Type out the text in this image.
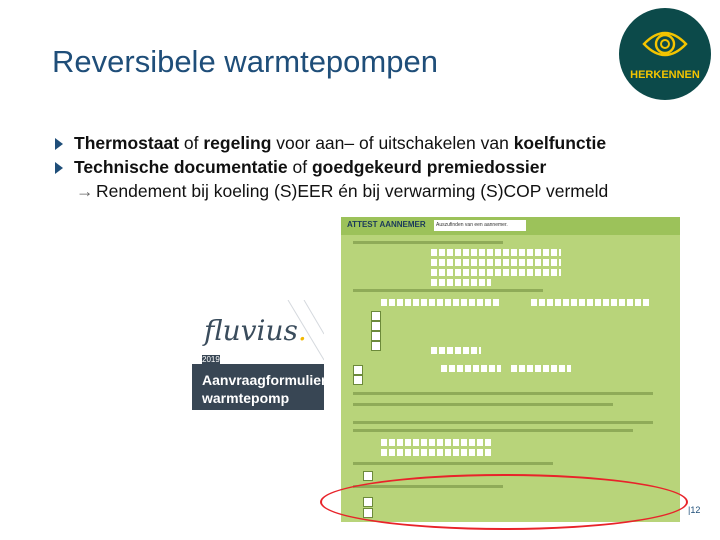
Reversibele warmtepompen	HERKENNEN
Thermostaat of regeling voor aan– of uitschakelen van koelfunctie
Technische documentatie of goedgekeurd premiedossier
→ Rendement bij koeling (S)EER én bij verwarming (S)COP vermeld
fluvius.
2019
Aanvraagformulier
warmtepomp
ATTEST AANNEMER	Auszufinden van een aannemer.
|12
